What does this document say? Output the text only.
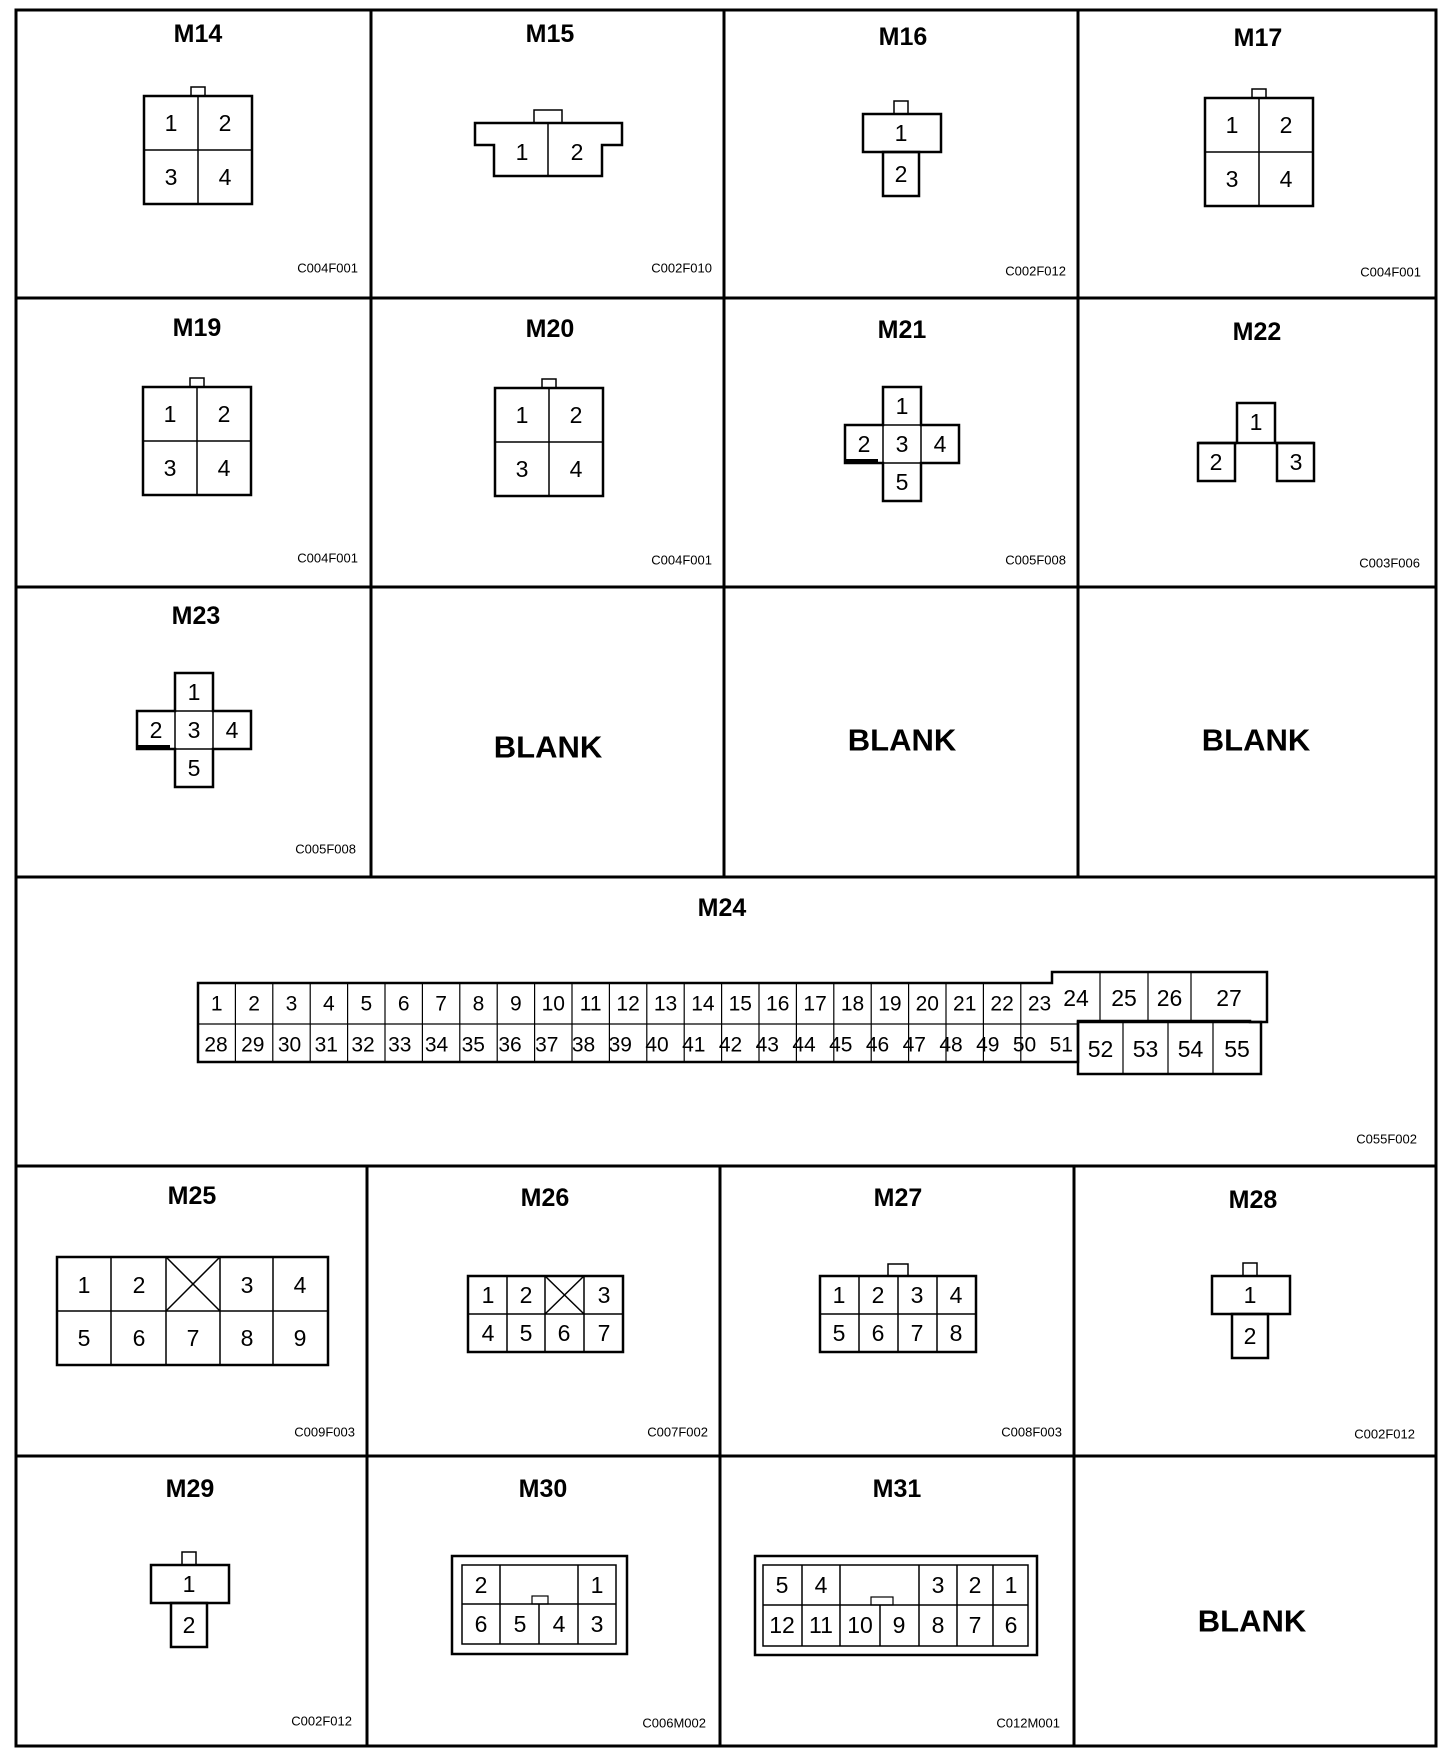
1 2
3 4
M14
C004F001
1 2
M15
C002F010
1
2
M16
C002F012
1 2
3 4
M17
C004F001
1 2
3 4
M19
C004F001
1 2
3 4
M20
C004F001
1
2 3 4
5
M21
C005F008
1
2	3
M22
C003F006
1
2 3 4
5
M23
C005F008
BLANK	BLANK	BLANK
M24
C055F002
1 2 3 4 5 6 7 8 9 10 11 12 13 14 15 16 17 18 19 20 21 22 23
28 29 30 31 32 33 34 35 36 37 38 39 40 41 42 43 44 45 46 47 48 49 50 51
24 25 26 27
52 53 54 55
1 2	3 4
5 6 7 8 9
M25
C009F003
1 2	3
4 5 6 7
M26
C007F002
1 2 3 4
5 6 7 8
M27
C008F003
1
2
M28
C002F012
1
2
M29
C002F012
2	1
6 5 4 3
M30
C006M002
5 4	3 2 1
12 11 10 9 8 7 6
M31
C012M001
BLANK
